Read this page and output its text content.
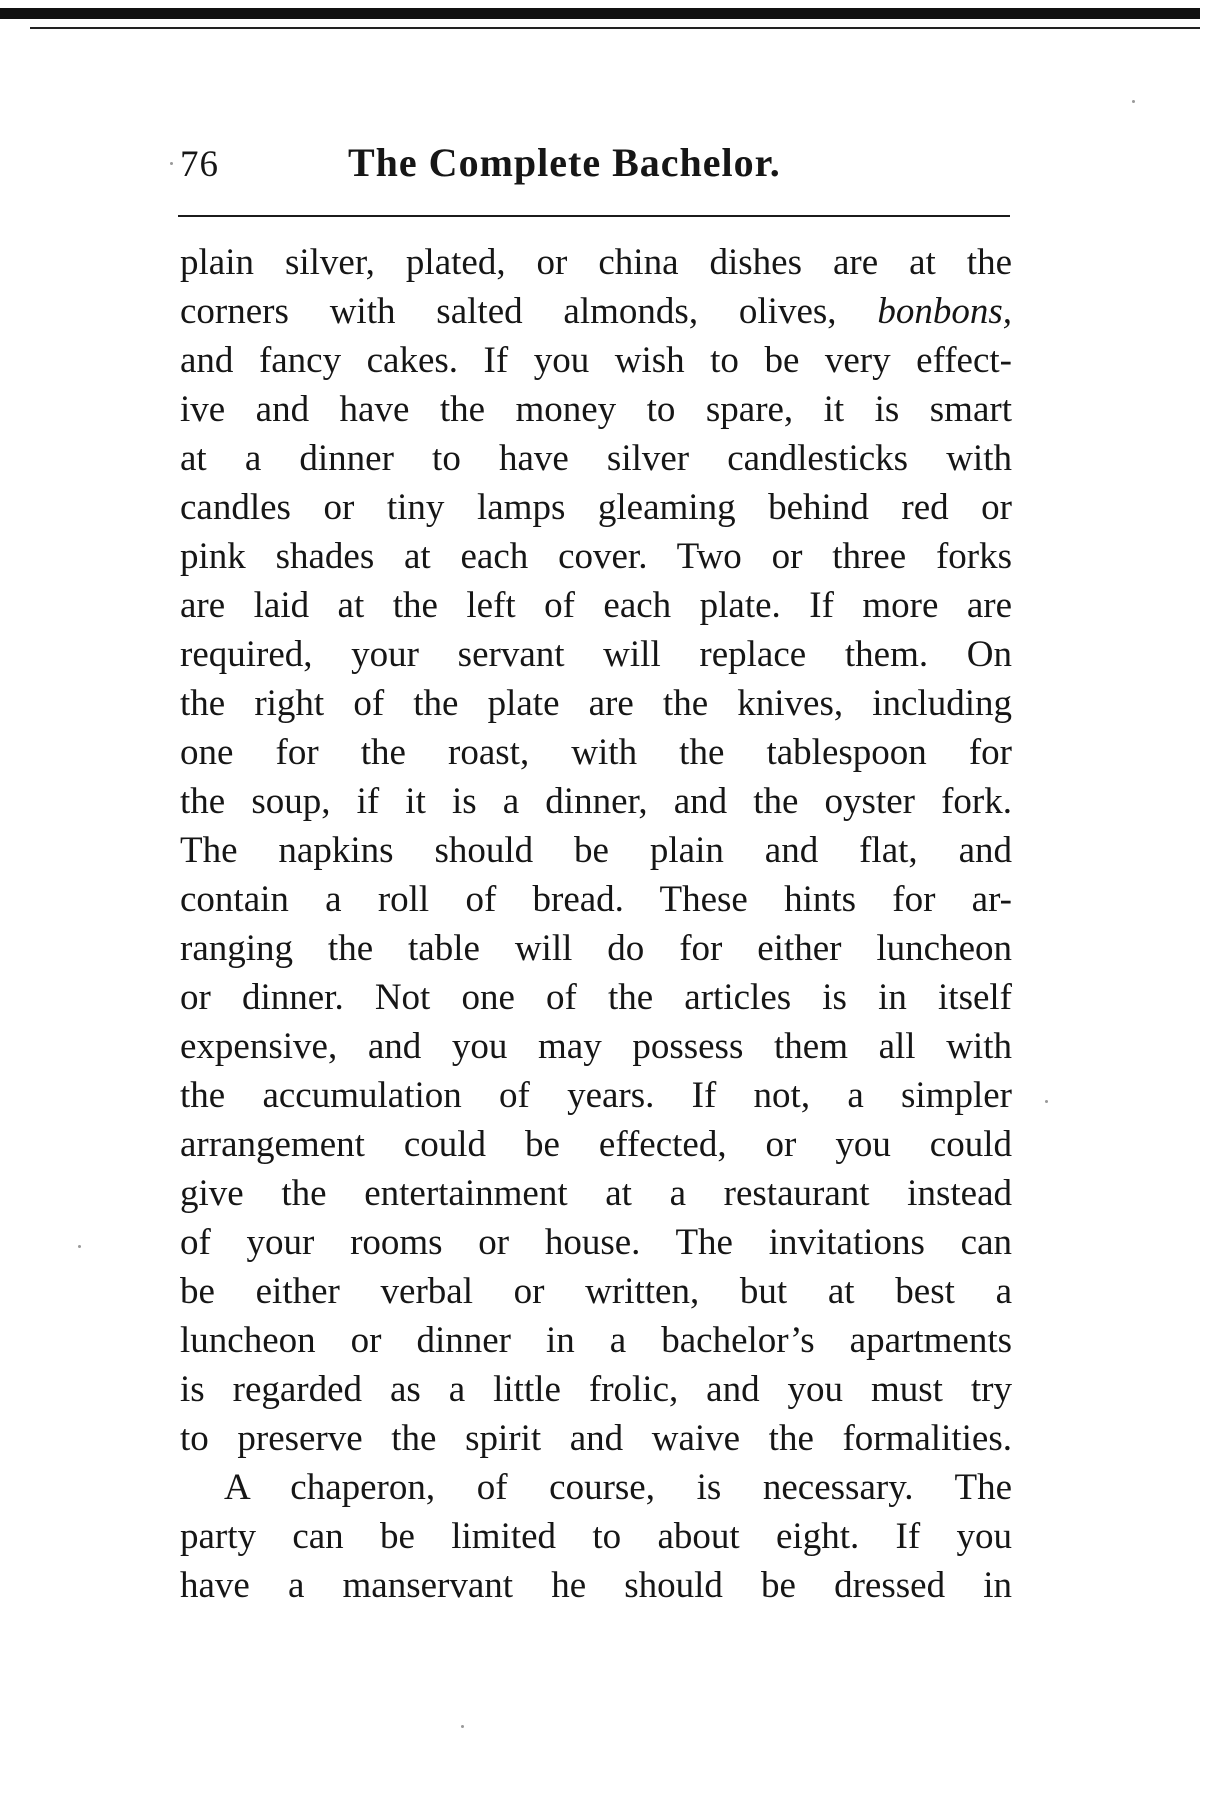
76	The Complete Bachelor.
plain silver, plated, or china dishes are at the
corners with salted almonds, olives, bonbons,
and fancy cakes. If you wish to be very effect-
ive and have the money to spare, it is smart
at a dinner to have silver candlesticks with
candles or tiny lamps gleaming behind red or
pink shades at each cover. Two or three forks
are laid at the left of each plate. If more are
required, your servant will replace them. On
the right of the plate are the knives, including
one for the roast, with the tablespoon for
the soup, if it is a dinner, and the oyster fork.
The napkins should be plain and flat, and
contain a roll of bread. These hints for ar-
ranging the table will do for either luncheon
or dinner. Not one of the articles is in itself
expensive, and you may possess them all with
the accumulation of years. If not, a simpler
arrangement could be effected, or you could
give the entertainment at a restaurant instead
of your rooms or house. The invitations can
be either verbal or written, but at best a
luncheon or dinner in a bachelor’s apartments
is regarded as a little frolic, and you must try
to preserve the spirit and waive the formalities.
A chaperon, of course, is necessary. The
party can be limited to about eight. If you
have a manservant he should be dressed in
